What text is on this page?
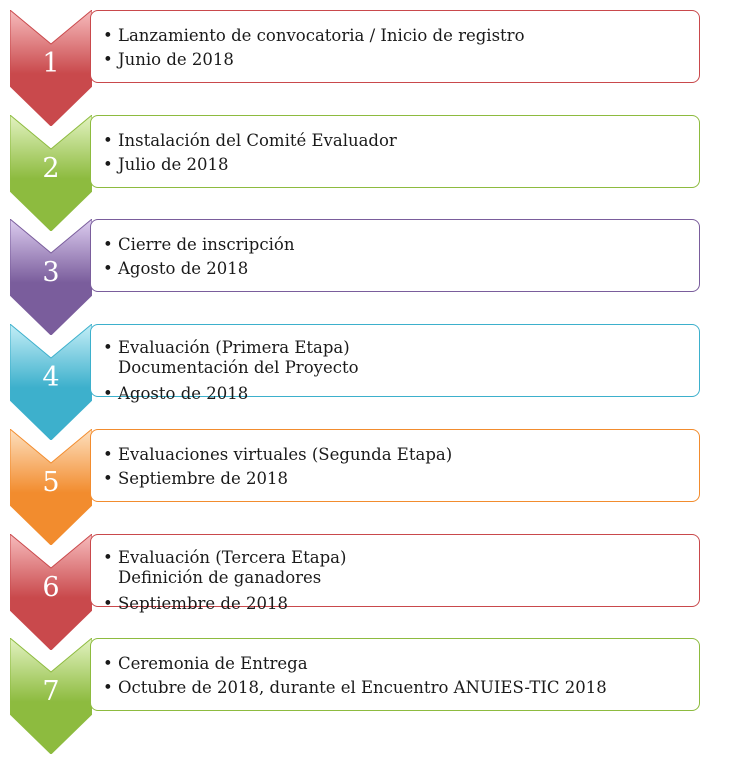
1
• Lanzamiento de convocatoria / Inicio de registro
• Junio de 2018
2
• Instalación del Comité Evaluador
• Julio de 2018
3
• Cierre de inscripción
• Agosto de 2018
4
• Evaluación (Primera Etapa)
Documentación del Proyecto
• Agosto de 2018
5
• Evaluaciones virtuales (Segunda Etapa)
• Septiembre de 2018
6
• Evaluación (Tercera Etapa)
Definición de ganadores
• Septiembre de 2018
7
• Ceremonia de Entrega
• Octubre de 2018, durante el Encuentro ANUIES-TIC 2018
